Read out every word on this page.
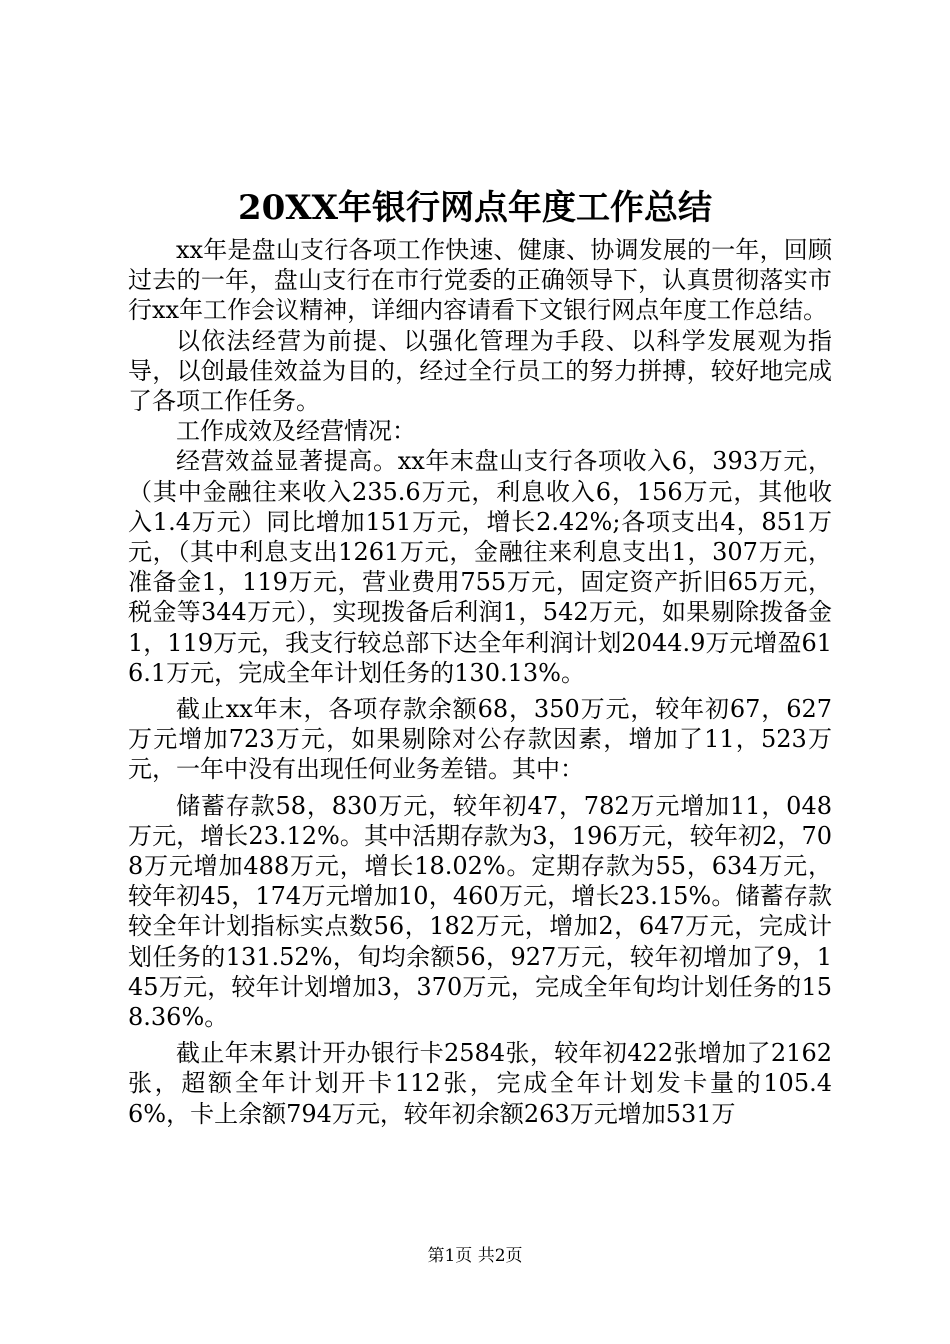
20XX年银行网点年度工作总结

xx年是盘山支行各项工作快速、健康、协调发展的一年，回顾过去的一年，盘山支行在市行党委的正确领导下，认真贯彻落实市行xx年工作会议精神，详细内容请看下文银行网点年度工作总结。

以依法经营为前提、以强化管理为手段、以科学发展观为指导，以创最佳效益为目的，经过全行员工的努力拼搏，较好地完成了各项工作任务。

工作成效及经营情况：

经营效益显著提高。xx年末盘山支行各项收入6，393万元，（其中金融往来收入235.6万元，利息收入6，156万元，其他收入1.4万元）同比增加151万元，增长2.42%;各项支出4，851万元，（其中利息支出1261万元，金融往来利息支出1，307万元，准备金1，119万元，营业费用755万元，固定资产折旧65万元，税金等344万元），实现拨备后利润1，542万元，如果剔除拨备金1，119万元，我支行较总部下达全年利润计划2044.9万元增盈616.1万元，完成全年计划任务的130.13%。

截止xx年末，各项存款余额68，350万元，较年初67，627万元增加723万元，如果剔除对公存款因素，增加了11，523万元，一年中没有出现任何业务差错。其中：

储蓄存款58，830万元，较年初47，782万元增加11，048万元，增长23.12%。其中活期存款为3，196万元，较年初2，708万元增加488万元，增长18.02%。定期存款为55，634万元，较年初45，174万元增加10，460万元，增长23.15%。储蓄存款较全年计划指标实点数56，182万元，增加2，647万元，完成计划任务的131.52%，旬均余额56，927万元，较年初增加了9，145万元，较年计划增加3，370万元，完成全年旬均计划任务的158.36%。

截止年末累计开办银行卡2584张，较年初422张增加了2162张，超额全年计划开卡112张，完成全年计划发卡量的105.46%，卡上余额794万元，较年初余额263万元增加531万

第1页 共2页
